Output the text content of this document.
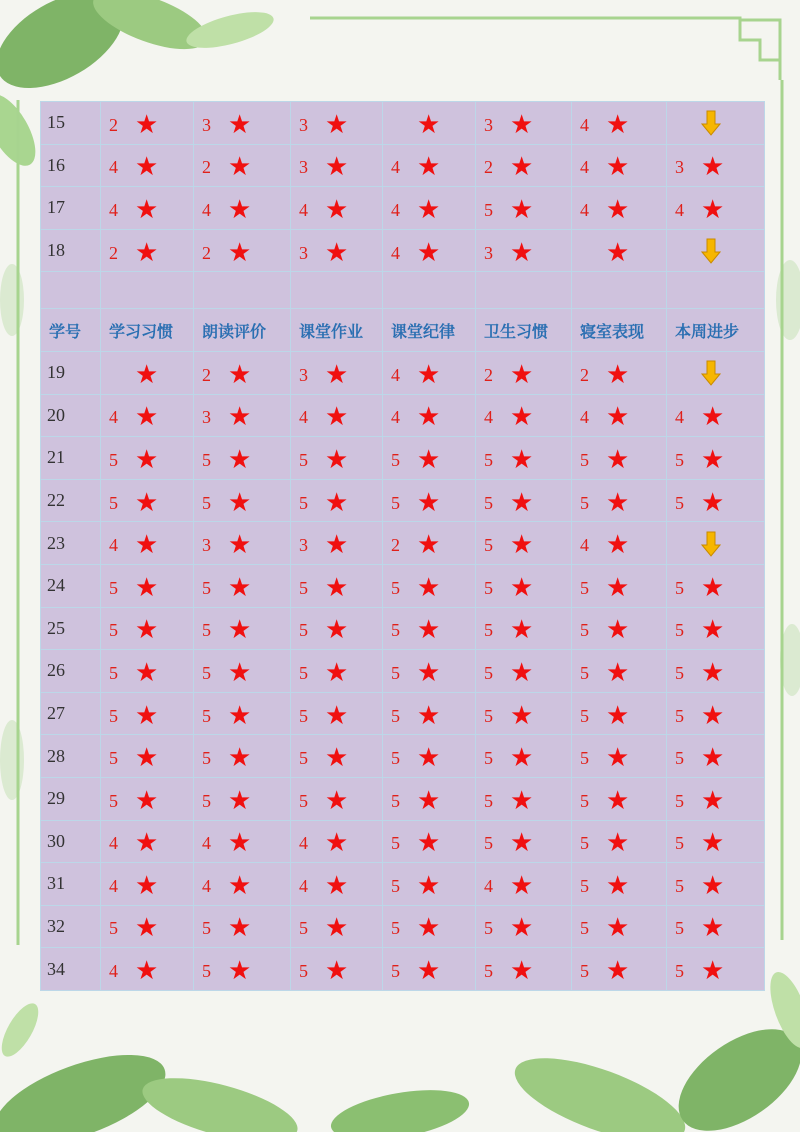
15	2 ★	3 ★	3 ★	★	3 ★	4 ★	
16	4 ★	2 ★	3 ★	4 ★	2 ★	4 ★	3 ★
17	4 ★	4 ★	4 ★	4 ★	5 ★	4 ★	4 ★
18	2 ★	2 ★	3 ★	4 ★	3 ★	★	

学号	学习习惯	朗读评价	课堂作业	课堂纪律	卫生习惯	寝室表现	本周进步
19	★	2 ★	3 ★	4 ★	2 ★	2 ★	
20	4 ★	3 ★	4 ★	4 ★	4 ★	4 ★	4 ★
21	5 ★	5 ★	5 ★	5 ★	5 ★	5 ★	5 ★
22	5 ★	5 ★	5 ★	5 ★	5 ★	5 ★	5 ★
23	4 ★	3 ★	3 ★	2 ★	5 ★	4 ★	
24	5 ★	5 ★	5 ★	5 ★	5 ★	5 ★	5 ★
25	5 ★	5 ★	5 ★	5 ★	5 ★	5 ★	5 ★
26	5 ★	5 ★	5 ★	5 ★	5 ★	5 ★	5 ★
27	5 ★	5 ★	5 ★	5 ★	5 ★	5 ★	5 ★
28	5 ★	5 ★	5 ★	5 ★	5 ★	5 ★	5 ★
29	5 ★	5 ★	5 ★	5 ★	5 ★	5 ★	5 ★
30	4 ★	4 ★	4 ★	5 ★	5 ★	5 ★	5 ★
31	4 ★	4 ★	4 ★	5 ★	4 ★	5 ★	5 ★
32	5 ★	5 ★	5 ★	5 ★	5 ★	5 ★	5 ★
34	4 ★	5 ★	5 ★	5 ★	5 ★	5 ★	5 ★
